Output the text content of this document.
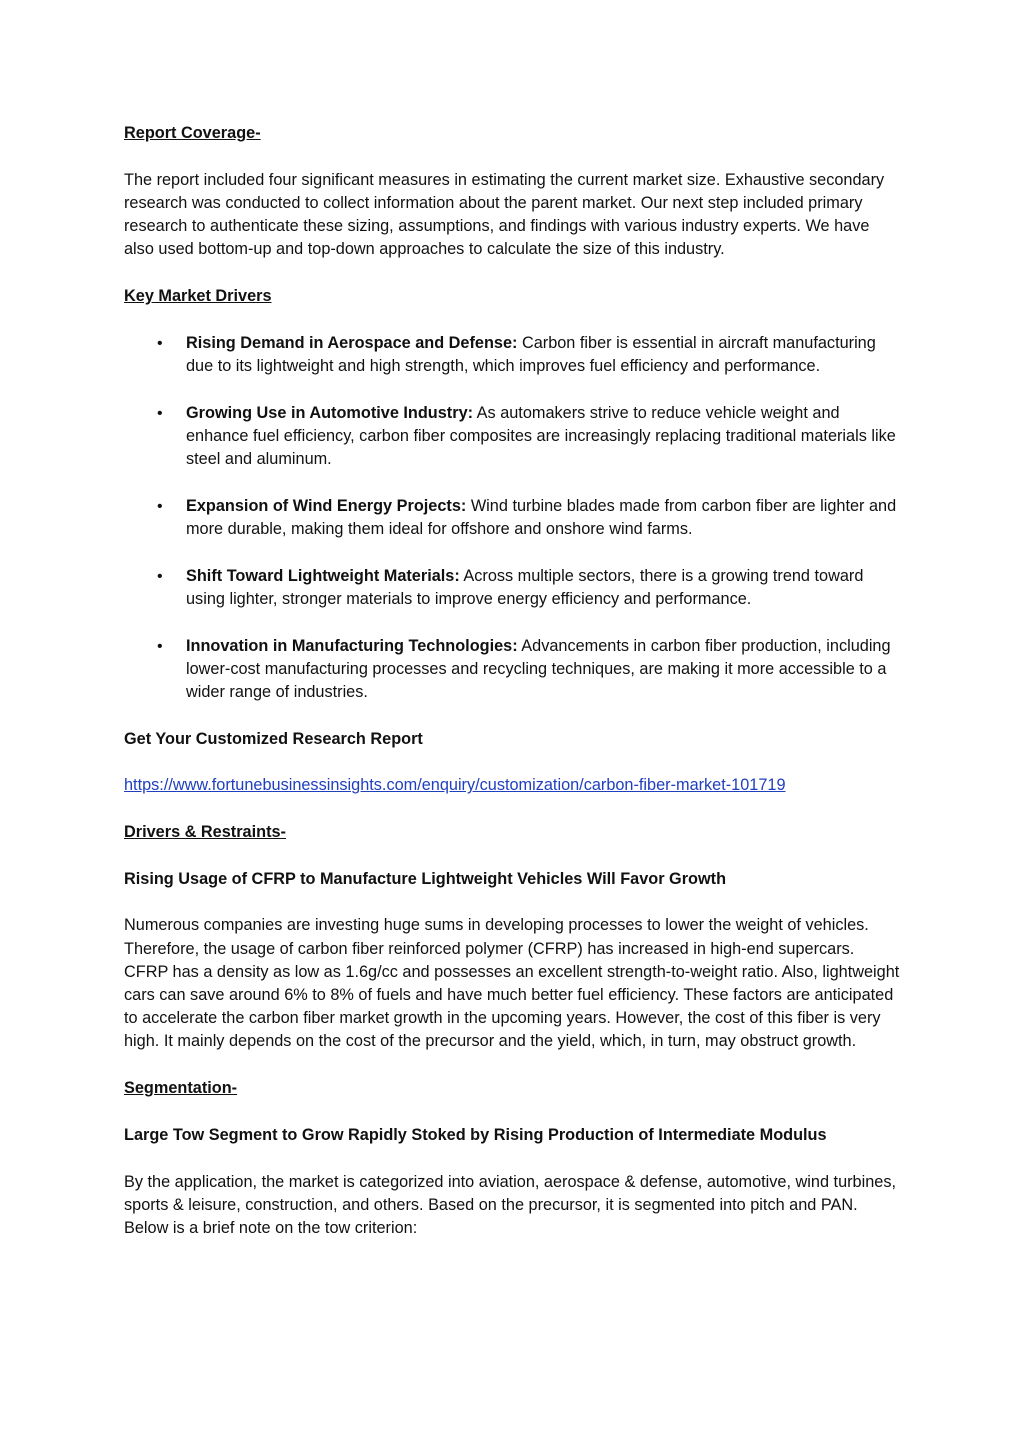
Report Coverage-

The report included four significant measures in estimating the current market size. Exhaustive secondary research was conducted to collect information about the parent market. Our next step included primary research to authenticate these sizing, assumptions, and findings with various industry experts. We have also used bottom-up and top-down approaches to calculate the size of this industry.

Key Market Drivers
• Rising Demand in Aerospace and Defense: Carbon fiber is essential in aircraft manufacturing due to its lightweight and high strength, which improves fuel efficiency and performance.
• Growing Use in Automotive Industry: As automakers strive to reduce vehicle weight and enhance fuel efficiency, carbon fiber composites are increasingly replacing traditional materials like steel and aluminum.
• Expansion of Wind Energy Projects: Wind turbine blades made from carbon fiber are lighter and more durable, making them ideal for offshore and onshore wind farms.
• Shift Toward Lightweight Materials: Across multiple sectors, there is a growing trend toward using lighter, stronger materials to improve energy efficiency and performance.
• Innovation in Manufacturing Technologies: Advancements in carbon fiber production, including lower-cost manufacturing processes and recycling techniques, are making it more accessible to a wider range of industries.
Get Your Customized Research Report

https://www.fortunebusinessinsights.com/enquiry/customization/carbon-fiber-market-101719

Drivers & Restraints-
Rising Usage of CFRP to Manufacture Lightweight Vehicles Will Favor Growth

Numerous companies are investing huge sums in developing processes to lower the weight of vehicles. Therefore, the usage of carbon fiber reinforced polymer (CFRP) has increased in high-end supercars. CFRP has a density as low as 1.6g/cc and possesses an excellent strength-to-weight ratio. Also, lightweight cars can save around 6% to 8% of fuels and have much better fuel efficiency. These factors are anticipated to accelerate the carbon fiber market growth in the upcoming years. However, the cost of this fiber is very high. It mainly depends on the cost of the precursor and the yield, which, in turn, may obstruct growth.

Segmentation-
Large Tow Segment to Grow Rapidly Stoked by Rising Production of Intermediate Modulus

By the application, the market is categorized into aviation, aerospace & defense, automotive, wind turbines, sports & leisure, construction, and others. Based on the precursor, it is segmented into pitch and PAN. Below is a brief note on the tow criterion:
